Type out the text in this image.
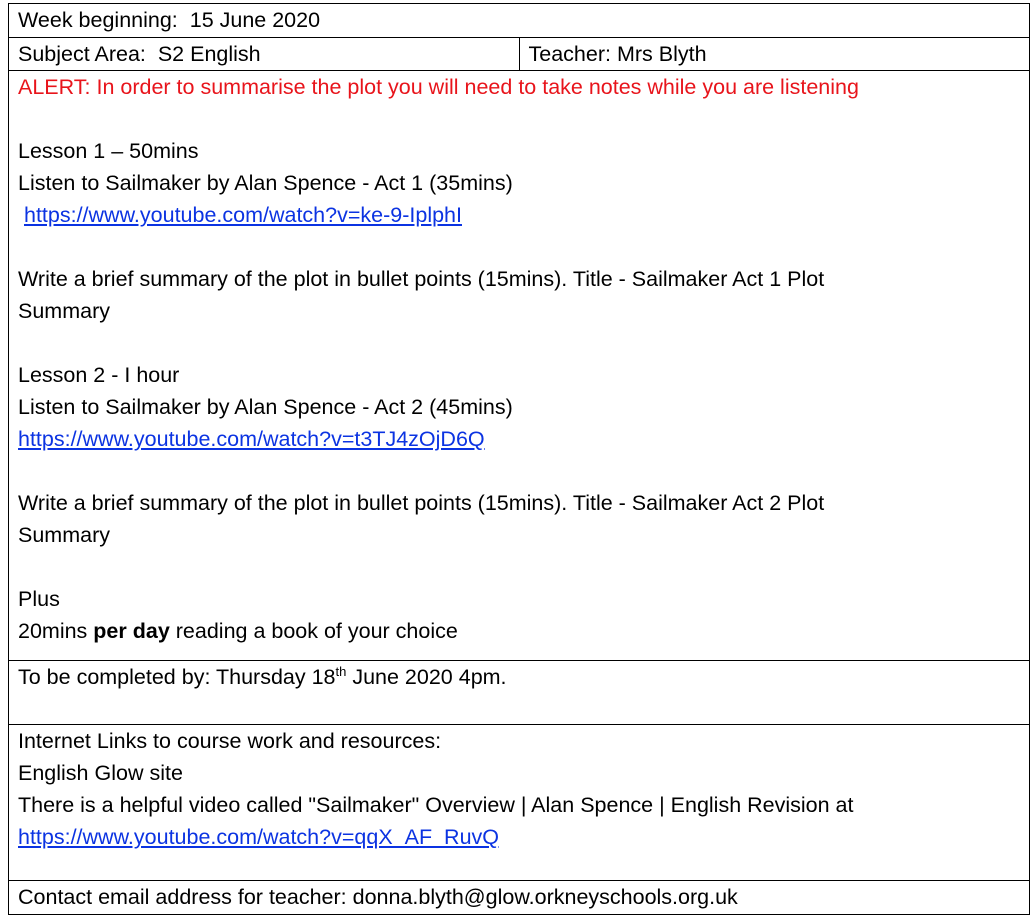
Week beginning: 15 June 2020
Subject Area: S2 English	Teacher: Mrs Blyth

ALERT: In order to summarise the plot you will need to take notes while you are listening

Lesson 1 – 50mins

Listen to Sailmaker by Alan Spence - Act 1 (35mins)

https://www.youtube.com/watch?v=ke-9-IplphI

Write a brief summary of the plot in bullet points (15mins). Title - Sailmaker Act 1 Plot

Summary

Lesson 2 - I hour

Listen to Sailmaker by Alan Spence - Act 2 (45mins)

https://www.youtube.com/watch?v=t3TJ4zOjD6Q

Write a brief summary of the plot in bullet points (15mins). Title - Sailmaker Act 2 Plot

Summary

Plus

20mins per day reading a book of your choice

To be completed by: Thursday 18th June 2020 4pm.

Internet Links to course work and resources:

English Glow site

There is a helpful video called "Sailmaker" Overview | Alan Spence | English Revision at

https://www.youtube.com/watch?v=qqX_AF_RuvQ

Contact email address for teacher: donna.blyth@glow.orkneyschools.org.uk
